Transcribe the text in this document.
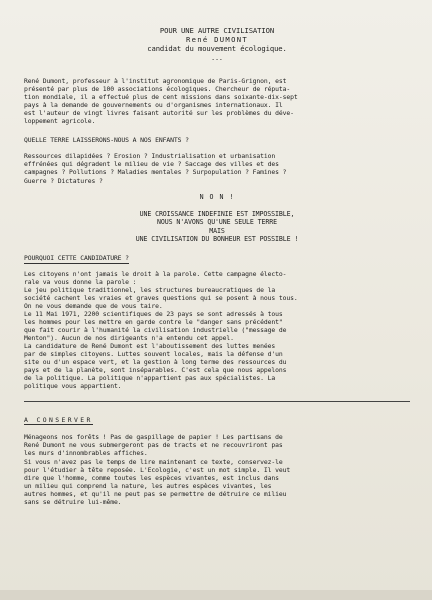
POUR UNE AUTRE CIVILISATION
René DUMONT
candidat du mouvement écologique.
---

René Dumont, professeur à l'institut agronomique de Paris-Grignon, est
présenté par plus de 100 associations écologiques. Chercheur de réputa-
tion mondiale, il a effectué plus de cent missions dans soixante-dix-sept
pays à la demande de gouvernements ou d'organismes internationaux. Il
est l'auteur de vingt livres faisant autorité sur les problèmes du déve-
loppement agricole.

QUELLE TERRE LAISSERONS-NOUS A NOS ENFANTS ?

Ressources dilapidées ? Erosion ? Industrialisation et urbanisation
effrénées qui dégradent le milieu de vie ? Saccage des villes et des
campagnes ? Pollutions ? Maladies mentales ? Surpopulation ? Famines ?
Guerre ? Dictatures ?

N O N !
UNE CROISSANCE INDEFINIE EST IMPOSSIBLE,
NOUS N'AVONS QU'UNE SEULE TERRE
MAIS
UNE CIVILISATION DU BONHEUR EST POSSIBLE !
POURQUOI CETTE CANDIDATURE ?

Les citoyens n'ont jamais le droit à la parole. Cette campagne électo-
rale va vous donne la parole :
Le jeu politique traditionnel, les structures bureaucratiques de la
société cachent les vraies et graves questions qui se posent à nous tous.
On ne vous demande que de vous taire.
Le 11 Mai 1971, 2200 scientifiques de 23 pays se sont adressés à tous
les hommes pour les mettre en garde contre le "danger sans précédent"
que fait courir à l'humanité la civilisation industrielle ("message de
Menton"). Aucun de nos dirigeants n'a entendu cet appel.
La candidature de René Dumont est l'aboutissement des luttes menées
par de simples citoyens. Luttes souvent locales, mais la défense d'un
site ou d'un espace vert, et la gestion à long terme des ressources du
pays et de la planète, sont inséparables. C'est cela que nous appelons
de la politique. La politique n'appartient pas aux spécialistes. La
politique vous appartient.

A CONSERVER

Ménageons nos forêts ! Pas de gaspillage de papier ! Les partisans de
René Dumont ne vous submergeront pas de tracts et ne recouvriront pas
les murs d'innombrables affiches.
Si vous n'avez pas le temps de lire maintenant ce texte, conservez-le
pour l'étudier à tête reposée. L'Ecologie, c'est un mot simple. Il veut
dire que l'homme, comme toutes les espèces vivantes, est inclus dans
un milieu qui comprend la nature, les autres espèces vivantes, les
autres hommes, et qu'il ne peut pas se permettre de détruire ce milieu
sans se détruire lui-même.
